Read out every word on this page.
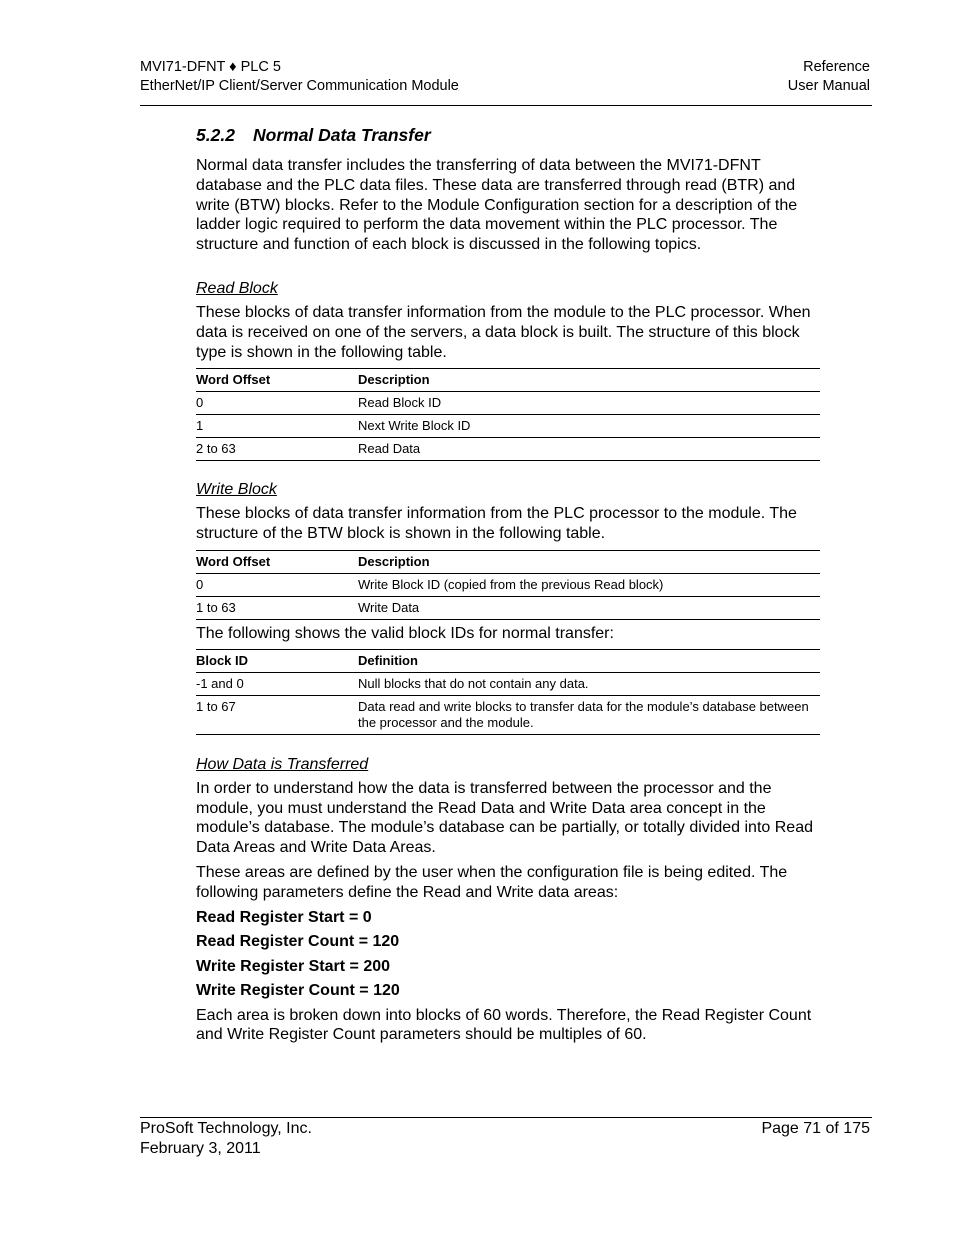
MVI71-DFNT ♦ PLC 5
EtherNet/IP Client/Server Communication Module
Reference
User Manual
5.2.2 Normal Data Transfer

Normal data transfer includes the transferring of data between the MVI71-DFNT database and the PLC data files. These data are transferred through read (BTR) and write (BTW) blocks. Refer to the Module Configuration section for a description of the ladder logic required to perform the data movement within the PLC processor. The structure and function of each block is discussed in the following topics.

Read Block

These blocks of data transfer information from the module to the PLC processor. When data is received on one of the servers, a data block is built. The structure of this block type is shown in the following table.

Word Offset	Description
0	Read Block ID
1	Next Write Block ID
2 to 63	Read Data
Write Block

These blocks of data transfer information from the PLC processor to the module. The structure of the BTW block is shown in the following table.

Word Offset	Description
0	Write Block ID (copied from the previous Read block)
1 to 63	Write Data

The following shows the valid block IDs for normal transfer:

Block ID	Definition
-1 and 0	Null blocks that do not contain any data.
1 to 67	Data read and write blocks to transfer data for the module’s database between the processor and the module.
How Data is Transferred

In order to understand how the data is transferred between the processor and the module, you must understand the Read Data and Write Data area concept in the module’s database. The module’s database can be partially, or totally divided into Read Data Areas and Write Data Areas.

These areas are defined by the user when the configuration file is being edited. The following parameters define the Read and Write data areas:

Read Register Start = 0
Read Register Count = 120
Write Register Start = 200
Write Register Count = 120

Each area is broken down into blocks of 60 words. Therefore, the Read Register Count and Write Register Count parameters should be multiples of 60.

ProSoft Technology, Inc.
February 3, 2011
Page 71 of 175
